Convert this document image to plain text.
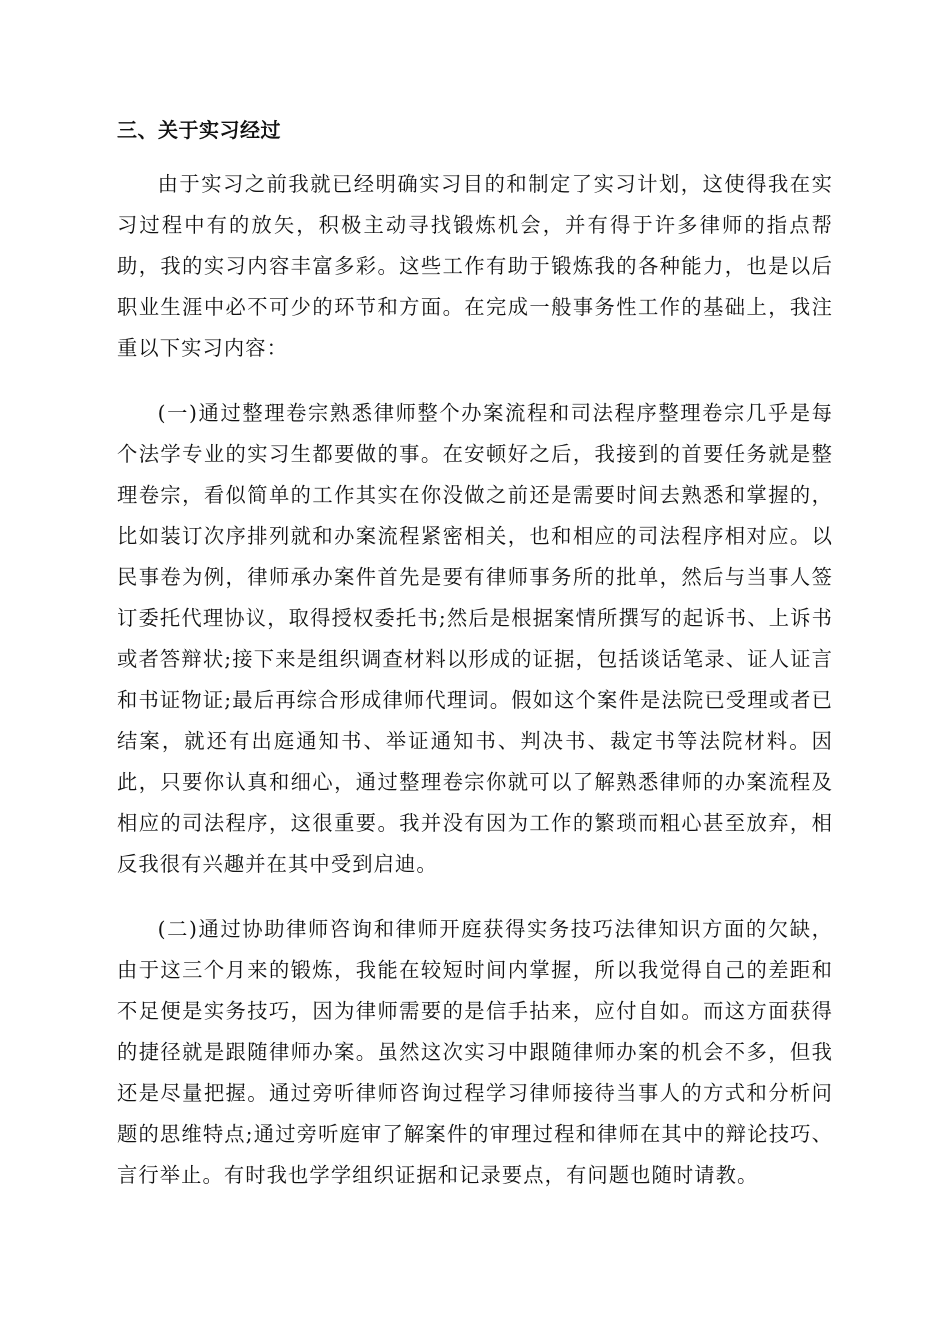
三、关于实习经过

由于实习之前我就已经明确实习目的和制定了实习计划，这使得我在实习过程中有的放矢，积极主动寻找锻炼机会，并有得于许多律师的指点帮助，我的实习内容丰富多彩。这些工作有助于锻炼我的各种能力，也是以后职业生涯中必不可少的环节和方面。在完成一般事务性工作的基础上，我注重以下实习内容：

(一)通过整理卷宗熟悉律师整个办案流程和司法程序整理卷宗几乎是每个法学专业的实习生都要做的事。在安顿好之后，我接到的首要任务就是整理卷宗，看似简单的工作其实在你没做之前还是需要时间去熟悉和掌握的，比如装订次序排列就和办案流程紧密相关，也和相应的司法程序相对应。以民事卷为例，律师承办案件首先是要有律师事务所的批单，然后与当事人签订委托代理协议，取得授权委托书;然后是根据案情所撰写的起诉书、上诉书或者答辩状;接下来是组织调查材料以形成的证据，包括谈话笔录、证人证言和书证物证;最后再综合形成律师代理词。假如这个案件是法院已受理或者已结案，就还有出庭通知书、举证通知书、判决书、裁定书等法院材料。因此，只要你认真和细心，通过整理卷宗你就可以了解熟悉律师的办案流程及相应的司法程序，这很重要。我并没有因为工作的繁琐而粗心甚至放弃，相反我很有兴趣并在其中受到启迪。

(二)通过协助律师咨询和律师开庭获得实务技巧法律知识方面的欠缺，由于这三个月来的锻炼，我能在较短时间内掌握，所以我觉得自己的差距和不足便是实务技巧，因为律师需要的是信手拈来，应付自如。而这方面获得的捷径就是跟随律师办案。虽然这次实习中跟随律师办案的机会不多，但我还是尽量把握。通过旁听律师咨询过程学习律师接待当事人的方式和分析问题的思维特点;通过旁听庭审了解案件的审理过程和律师在其中的辩论技巧、言行举止。有时我也学学组织证据和记录要点，有问题也随时请教。
